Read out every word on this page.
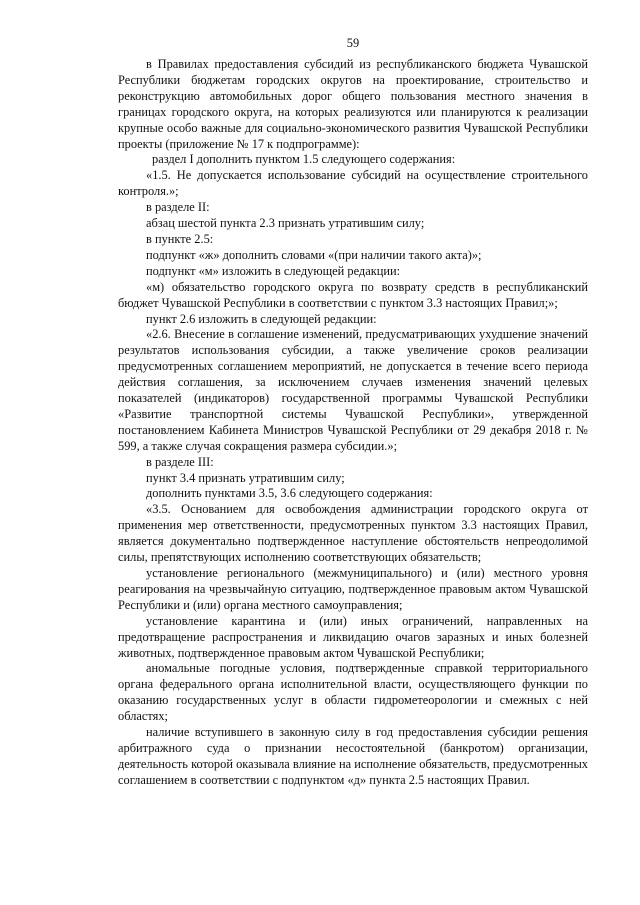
59

в Правилах предоставления субсидий из республиканского бюджета Чувашской Республики бюджетам городских округов на проектирование, строительство и реконструкцию автомобильных дорог общего пользования местного значения в границах городского округа, на которых реализуются или планируются к реализации крупные особо важные для социально-экономического развития Чувашской Республики проекты (приложение № 17 к подпрограмме):

раздел I дополнить пунктом 1.5 следующего содержания:

«1.5. Не допускается использование субсидий на осуществление строительного контроля.»;

в разделе II:

абзац шестой пункта 2.3 признать утратившим силу;

в пункте 2.5:

подпункт «ж» дополнить словами «(при наличии такого акта)»;

подпункт «м» изложить в следующей редакции:

«м) обязательство городского округа по возврату средств в республиканский бюджет Чувашской Республики в соответствии с пунктом 3.3 настоящих Правил;»;

пункт 2.6 изложить в следующей редакции:

«2.6. Внесение в соглашение изменений, предусматривающих ухудшение значений результатов использования субсидии, а также увеличение сроков реализации предусмотренных соглашением мероприятий, не допускается в течение всего периода действия соглашения, за исключением случаев изменения значений целевых показателей (индикаторов) государственной программы Чувашской Республики «Развитие транспортной системы Чувашской Республики», утвержденной постановлением Кабинета Министров Чувашской Республики от 29 декабря 2018 г. № 599, а также случая сокращения размера субсидии.»;

в разделе III:

пункт 3.4 признать утратившим силу;

дополнить пунктами 3.5, 3.6 следующего содержания:

«3.5. Основанием для освобождения администрации городского округа от применения мер ответственности, предусмотренных пунктом 3.3 настоящих Правил, является документально подтвержденное наступление обстоятельств непреодолимой силы, препятствующих исполнению соответствующих обязательств;

установление регионального (межмуниципального) и (или) местного уровня реагирования на чрезвычайную ситуацию, подтвержденное правовым актом Чувашской Республики и (или) органа местного самоуправления;

установление карантина и (или) иных ограничений, направленных на предотвращение распространения и ликвидацию очагов заразных и иных болезней животных, подтвержденное правовым актом Чувашской Республики;

аномальные погодные условия, подтвержденные справкой территориального органа федерального органа исполнительной власти, осуществляющего функции по оказанию государственных услуг в области гидрометеорологии и смежных с ней областях;

наличие вступившего в законную силу в год предоставления субсидии решения арбитражного суда о признании несостоятельной (банкротом) организации, деятельность которой оказывала влияние на исполнение обязательств, предусмотренных соглашением в соответствии с подпунктом «д» пункта 2.5 настоящих Правил.
